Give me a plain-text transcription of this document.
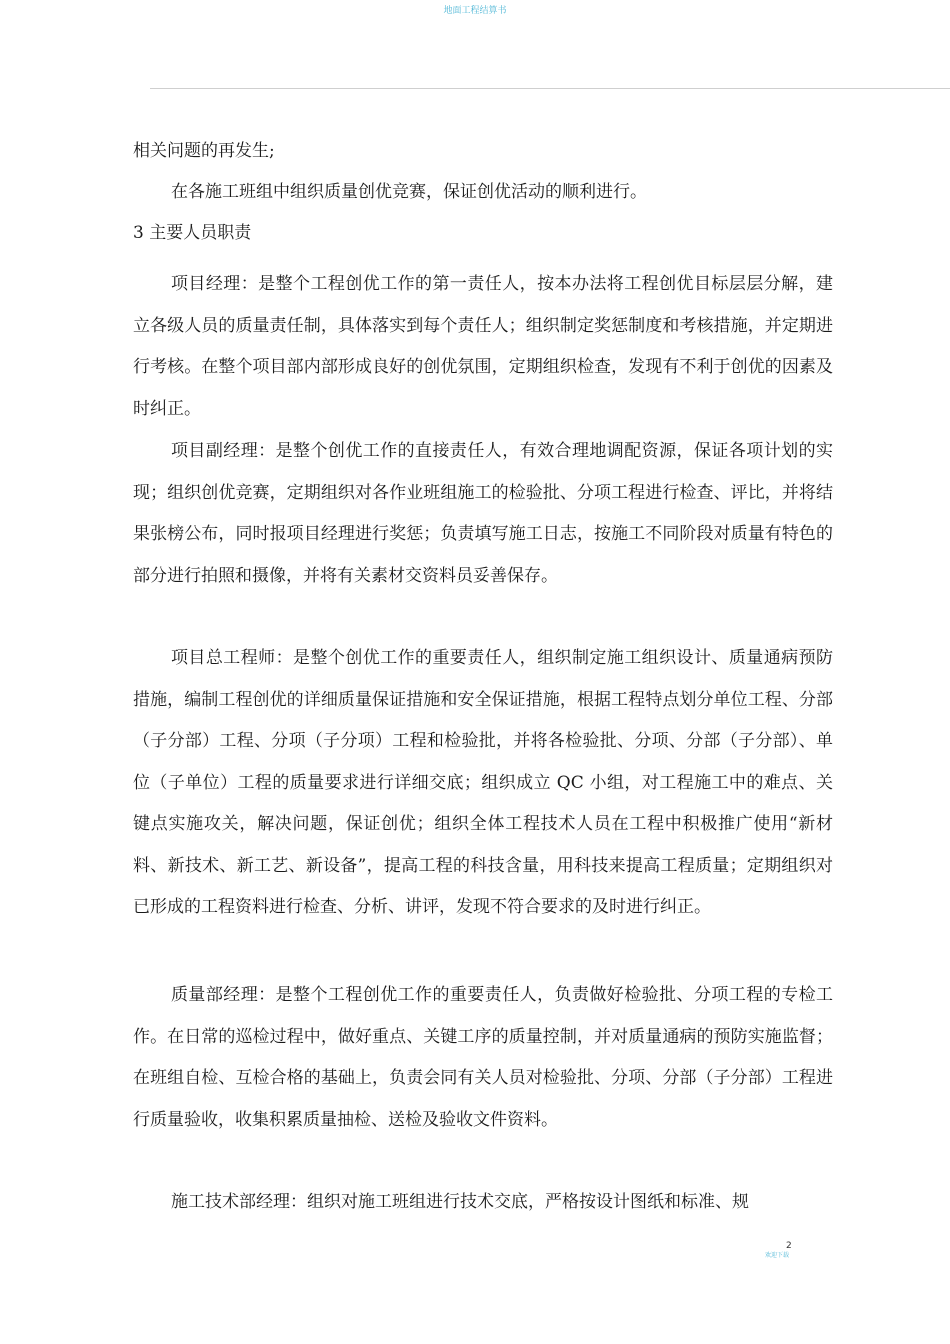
地面工程结算书

相关问题的再发生;

在各施工班组中组织质量创优竞赛，保证创优活动的顺利进行。

3 主要人员职责

项目经理：是整个工程创优工作的第一责任人，按本办法将工程创优目标层层分解，建立各级人员的质量责任制，具体落实到每个责任人；组织制定奖惩制度和考核措施，并定期进行考核。在整个项目部内部形成良好的创优氛围，定期组织检查，发现有不利于创优的因素及时纠正。

项目副经理：是整个创优工作的直接责任人，有效合理地调配资源，保证各项计划的实现；组织创优竞赛，定期组织对各作业班组施工的检验批、分项工程进行检查、评比，并将结果张榜公布，同时报项目经理进行奖惩；负责填写施工日志，按施工不同阶段对质量有特色的部分进行拍照和摄像，并将有关素材交资料员妥善保存。

项目总工程师：是整个创优工作的重要责任人，组织制定施工组织设计、质量通病预防措施，编制工程创优的详细质量保证措施和安全保证措施，根据工程特点划分单位工程、分部（子分部）工程、分项（子分项）工程和检验批，并将各检验批、分项、分部（子分部）、单位（子单位）工程的质量要求进行详细交底；组织成立 QC 小组，对工程施工中的难点、关键点实施攻关，解决问题，保证创优；组织全体工程技术人员在工程中积极推广使用“新材料、新技术、新工艺、新设备”，提高工程的科技含量，用科技来提高工程质量；定期组织对已形成的工程资料进行检查、分析、讲评，发现不符合要求的及时进行纠正。

质量部经理：是整个工程创优工作的重要责任人，负责做好检验批、分项工程的专检工作。在日常的巡检过程中，做好重点、关键工序的质量控制，并对质量通病的预防实施监督；在班组自检、互检合格的基础上，负责会同有关人员对检验批、分项、分部（子分部）工程进行质量验收，收集积累质量抽检、送检及验收文件资料。

施工技术部经理：组织对施工班组进行技术交底，严格按设计图纸和标准、规

2
欢迎下载
